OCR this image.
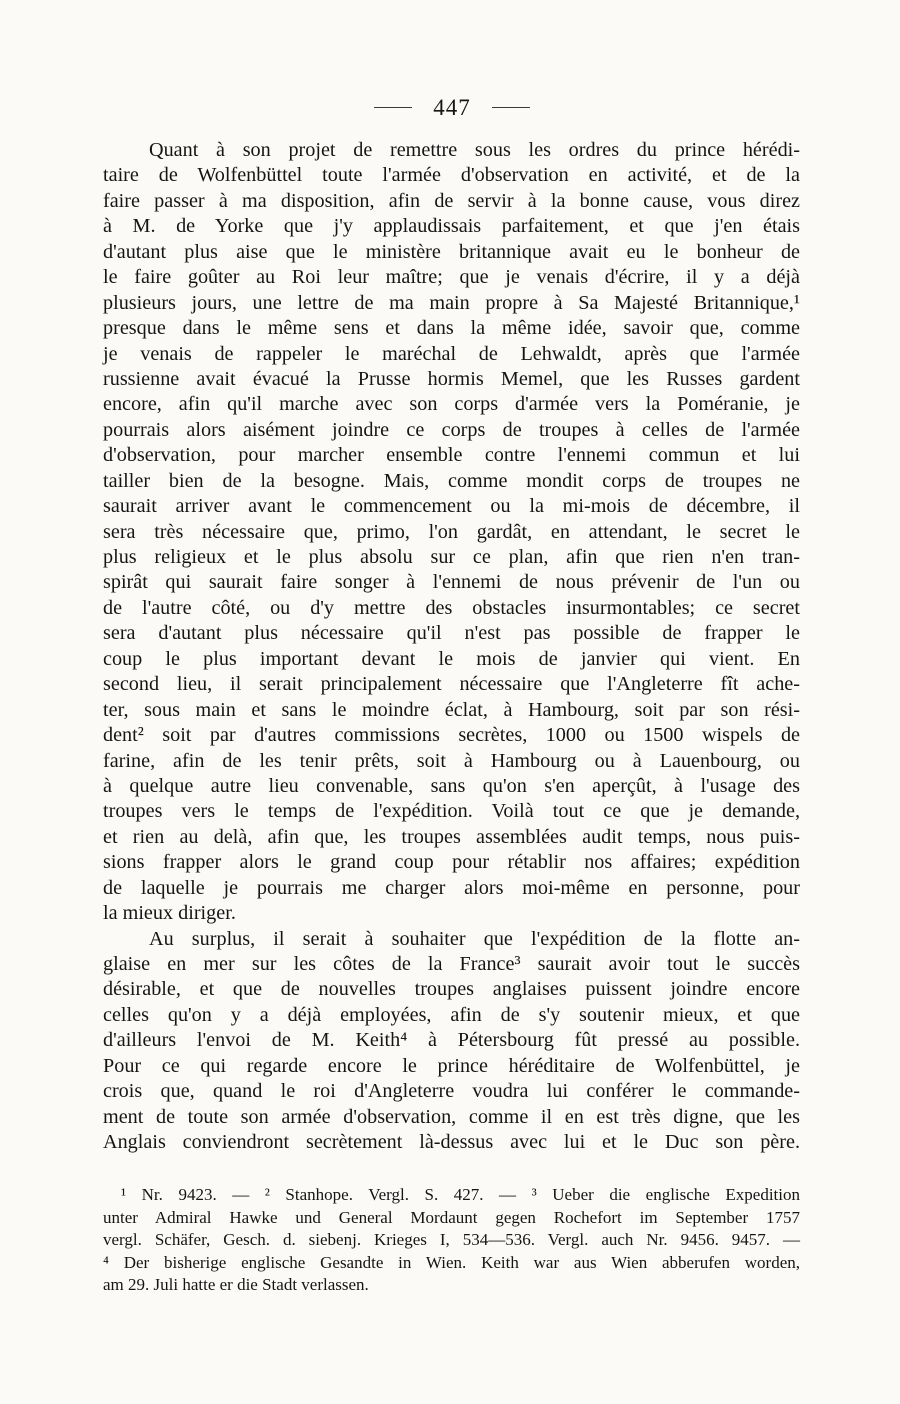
447
Quant à son projet de remettre sous les ordres du prince hérédi-
taire de Wolfenbüttel toute l'armée d'observation en activité, et de la
faire passer à ma disposition, afin de servir à la bonne cause, vous direz
à M. de Yorke que j'y applaudissais parfaitement, et que j'en étais
d'autant plus aise que le ministère britannique avait eu le bonheur de
le faire goûter au Roi leur maître; que je venais d'écrire, il y a déjà
plusieurs jours, une lettre de ma main propre à Sa Majesté Britannique,¹
presque dans le même sens et dans la même idée, savoir que, comme
je venais de rappeler le maréchal de Lehwaldt, après que l'armée
russienne avait évacué la Prusse hormis Memel, que les Russes gardent
encore, afin qu'il marche avec son corps d'armée vers la Poméranie, je
pourrais alors aisément joindre ce corps de troupes à celles de l'armée
d'observation, pour marcher ensemble contre l'ennemi commun et lui
tailler bien de la besogne. Mais, comme mondit corps de troupes ne
saurait arriver avant le commencement ou la mi-mois de décembre, il
sera très nécessaire que, primo, l'on gardât, en attendant, le secret le
plus religieux et le plus absolu sur ce plan, afin que rien n'en tran-
spirât qui saurait faire songer à l'ennemi de nous prévenir de l'un ou
de l'autre côté, ou d'y mettre des obstacles insurmontables; ce secret
sera d'autant plus nécessaire qu'il n'est pas possible de frapper le
coup le plus important devant le mois de janvier qui vient. En
second lieu, il serait principalement nécessaire que l'Angleterre fît ache-
ter, sous main et sans le moindre éclat, à Hambourg, soit par son rési-
dent² soit par d'autres commissions secrètes, 1000 ou 1500 wispels de
farine, afin de les tenir prêts, soit à Hambourg ou à Lauenbourg, ou
à quelque autre lieu convenable, sans qu'on s'en aperçût, à l'usage des
troupes vers le temps de l'expédition. Voilà tout ce que je demande,
et rien au delà, afin que, les troupes assemblées audit temps, nous puis-
sions frapper alors le grand coup pour rétablir nos affaires; expédition
de laquelle je pourrais me charger alors moi-même en personne, pour
la mieux diriger.
Au surplus, il serait à souhaiter que l'expédition de la flotte an-
glaise en mer sur les côtes de la France³ saurait avoir tout le succès
désirable, et que de nouvelles troupes anglaises puissent joindre encore
celles qu'on y a déjà employées, afin de s'y soutenir mieux, et que
d'ailleurs l'envoi de M. Keith⁴ à Pétersbourg fût pressé au possible.
Pour ce qui regarde encore le prince héréditaire de Wolfenbüttel, je
crois que, quand le roi d'Angleterre voudra lui conférer le commande-
ment de toute son armée d'observation, comme il en est très digne, que les
Anglais conviendront secrètement là-dessus avec lui et le Duc son père.
¹ Nr. 9423. — ² Stanhope. Vergl. S. 427. — ³ Ueber die englische Expedition
unter Admiral Hawke und General Mordaunt gegen Rochefort im September 1757
vergl. Schäfer, Gesch. d. siebenj. Krieges I, 534—536. Vergl. auch Nr. 9456. 9457. —
⁴ Der bisherige englische Gesandte in Wien. Keith war aus Wien abberufen worden,
am 29. Juli hatte er die Stadt verlassen.
